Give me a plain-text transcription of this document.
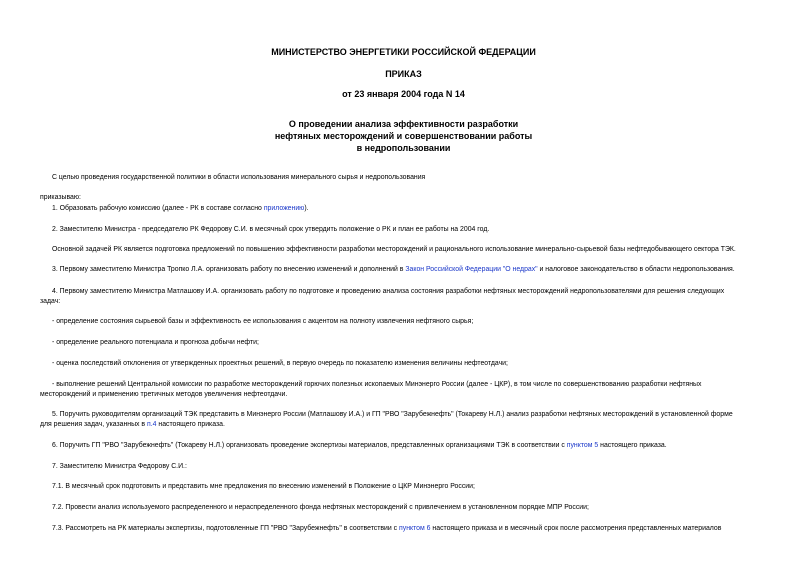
МИНИСТЕРСТВО ЭНЕРГЕТИКИ РОССИЙСКОЙ ФЕДЕРАЦИИ
ПРИКАЗ
от 23 января 2004 года N 14
О проведении анализа эффективности разработки
нефтяных месторождений и совершенствовании работы
в недропользовании
С целью проведения государственной политики в области использования минерального сырья и недропользования
приказываю:
1. Образовать рабочую комиссию (далее - РК в составе согласно приложению).
2. Заместителю Министра - председателю РК Федорову С.И. в месячный срок утвердить положение о РК и план ее работы на 2004 год.
Основной задачей РК является подготовка предложений по повышению эффективности разработки месторождений и рационального использование минерально-сырьевой базы нефтедобывающего сектора ТЭК.
3. Первому заместителю Министра Тропко Л.А. организовать работу по внесению изменений и дополнений в Закон Российской Федерации "О недрах" и налоговое законодательство в области недропользования.
4. Первому заместителю Министра Матлашову И.А. организовать работу по подготовке и проведению анализа состояния разработки нефтяных месторождений недропользователями для решения следующих
задач:
- определение состояния сырьевой базы и эффективность ее использования с акцентом на полноту извлечения нефтяного сырья;
- определение реального потенциала и прогноза добычи нефти;
- оценка последствий отклонения от утвержденных проектных решений, в первую очередь по показателю изменения величины нефтеотдачи;
- выполнение решений Центральной комиссии по разработке месторождений горючих полезных ископаемых Минэнерго России (далее - ЦКР), в том числе по совершенствованию разработки нефтяных
месторождений и применению третичных методов увеличения нефтеотдачи.
5. Поручить руководителям организаций ТЭК представить в Минэнерго России (Матлашову И.А.) и ГП "РВО "Зарубежнефть" (Токареву Н.Л.) анализ разработки нефтяных месторождений в установленной форме
для решения задач, указанных в п.4 настоящего приказа.
6. Поручить ГП "РВО "Зарубежнефть" (Токареву Н.Л.) организовать проведение экспертизы материалов, представленных организациями ТЭК в соответствии с пунктом 5 настоящего приказа.
7. Заместителю Министра Федорову С.И.:
7.1. В месячный срок подготовить и представить мне предложения по внесению изменений в Положение о ЦКР Минэнерго России;
7.2. Провести анализ используемого распределенного и нераспределенного фонда нефтяных месторождений с привлечением в установленном порядке МПР России;
7.3. Рассмотреть на РК материалы экспертизы, подготовленные ГП "РВО "Зарубежнефть" в соответствии с пунктом 6 настоящего приказа и в месячный срок после рассмотрения представленных материалов
